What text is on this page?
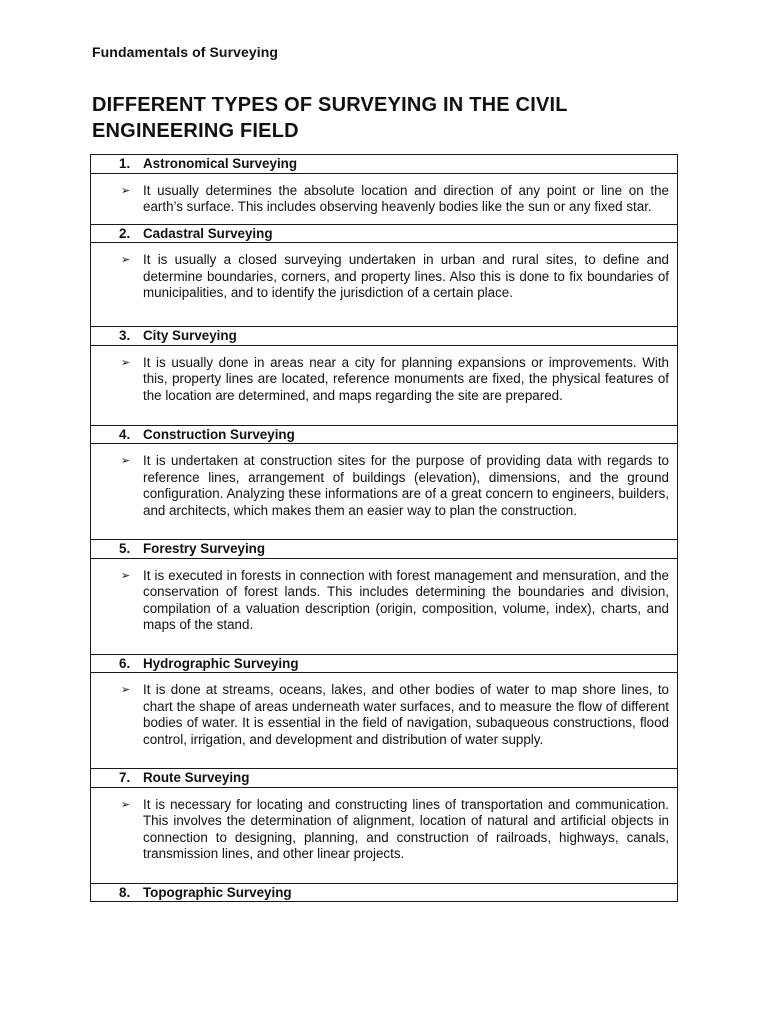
Fundamentals of Surveying
DIFFERENT TYPES OF SURVEYING IN THE CIVIL ENGINEERING FIELD
1. Astronomical Surveying

➢ It usually determines the absolute location and direction of any point or line on the earth’s surface. This includes observing heavenly bodies like the sun or any fixed star.

2. Cadastral Surveying

➢ It is usually a closed surveying undertaken in urban and rural sites, to define and determine boundaries, corners, and property lines. Also this is done to fix boundaries of municipalities, and to identify the jurisdiction of a certain place.

3. City Surveying

➢ It is usually done in areas near a city for planning expansions or improvements. With this, property lines are located, reference monuments are fixed, the physical features of the location are determined, and maps regarding the site are prepared.

4. Construction Surveying

➢ It is undertaken at construction sites for the purpose of providing data with regards to reference lines, arrangement of buildings (elevation), dimensions, and the ground configuration. Analyzing these informations are of a great concern to engineers, builders, and architects, which makes them an easier way to plan the construction.

5. Forestry Surveying

➢ It is executed in forests in connection with forest management and mensuration, and the conservation of forest lands. This includes determining the boundaries and division, compilation of a valuation description (origin, composition, volume, index), charts, and maps of the stand.

6. Hydrographic Surveying

➢ It is done at streams, oceans, lakes, and other bodies of water to map shore lines, to chart the shape of areas underneath water surfaces, and to measure the flow of different bodies of water. It is essential in the field of navigation, subaqueous constructions, flood control, irrigation, and development and distribution of water supply.

7. Route Surveying

➢ It is necessary for locating and constructing lines of transportation and communication. This involves the determination of alignment, location of natural and artificial objects in connection to designing, planning, and construction of railroads, highways, canals, transmission lines, and other linear projects.

8. Topographic Surveying
